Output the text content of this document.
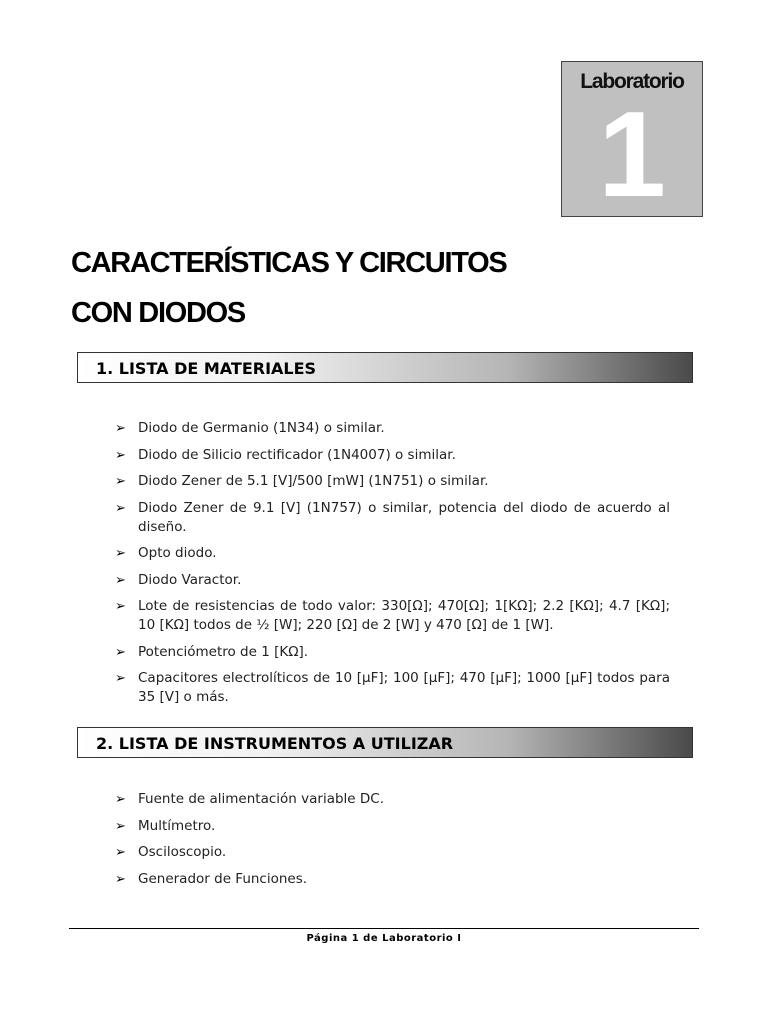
Laboratorio
1
CARACTERÍSTICAS Y CIRCUITOS
CON DIODOS
1. LISTA DE MATERIALES
➢ Diodo de Germanio (1N34) o similar.
➢ Diodo de Silicio rectificador (1N4007) o similar.
➢ Diodo Zener de 5.1 [V]/500 [mW] (1N751) o similar.
➢ Diodo Zener de 9.1 [V] (1N757) o similar, potencia del diodo de acuerdo al diseño.
➢ Opto diodo.
➢ Diodo Varactor.
➢ Lote de resistencias de todo valor: 330[Ω]; 470[Ω]; 1[KΩ]; 2.2 [KΩ]; 4.7 [KΩ]; 10 [KΩ] todos de ½ [W]; 220 [Ω] de 2 [W] y 470 [Ω] de 1 [W].
➢ Potenciómetro de 1 [KΩ].
➢ Capacitores electrolíticos de 10 [µF]; 100 [µF]; 470 [µF]; 1000 [µF] todos para 35 [V] o más.
2. LISTA DE INSTRUMENTOS A UTILIZAR
➢ Fuente de alimentación variable DC.
➢ Multímetro.
➢ Osciloscopio.
➢ Generador de Funciones.
Página 1 de Laboratorio I
